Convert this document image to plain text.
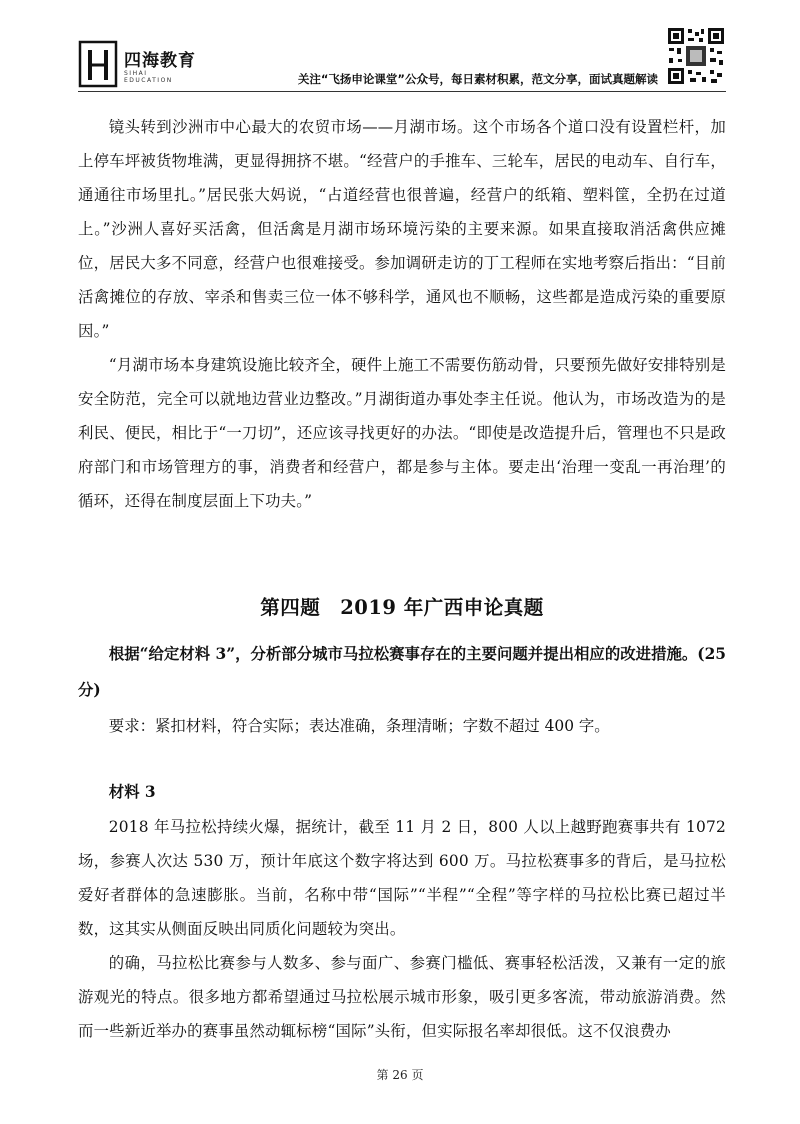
四海教育
SIHAI EDUCATION	关注“飞扬申论课堂”公众号，每日素材积累，范文分享，面试真题解读

镜头转到沙洲市中心最大的农贸市场——月湖市场。这个市场各个道口没有设置栏杆，加上停车坪被货物堆满，更显得拥挤不堪。“经营户的手推车、三轮车，居民的电动车、自行车，通通往市场里扎。”居民张大妈说，“占道经营也很普遍，经营户的纸箱、塑料筐，全扔在过道上。”沙洲人喜好买活禽，但活禽是月湖市场环境污染的主要来源。如果直接取消活禽供应摊位，居民大多不同意，经营户也很难接受。参加调研走访的丁工程师在实地考察后指出：“目前活禽摊位的存放、宰杀和售卖三位一体不够科学，通风也不顺畅，这些都是造成污染的重要原因。”

“月湖市场本身建筑设施比较齐全，硬件上施工不需要伤筋动骨，只要预先做好安排特别是安全防范，完全可以就地边营业边整改。”月湖街道办事处李主任说。他认为，市场改造为的是利民、便民，相比于“一刀切”，还应该寻找更好的办法。“即使是改造提升后，管理也不只是政府部门和市场管理方的事，消费者和经营户，都是参与主体。要走出‘治理一变乱一再治理’的循环，还得在制度层面上下功夫。”

第四题　2019 年广西申论真题

根据“给定材料 3”，分析部分城市马拉松赛事存在的主要问题并提出相应的改进措施。(25 分)

要求：紧扣材料，符合实际；表达准确，条理清晰；字数不超过 400 字。

材料 3

2018 年马拉松持续火爆，据统计，截至 11 月 2 日，800 人以上越野跑赛事共有 1072 场，参赛人次达 530 万，预计年底这个数字将达到 600 万。马拉松赛事多的背后，是马拉松爱好者群体的急速膨胀。当前，名称中带“国际”“半程”“全程”等字样的马拉松比赛已超过半数，这其实从侧面反映出同质化问题较为突出。

的确，马拉松比赛参与人数多、参与面广、参赛门槛低、赛事轻松活泼，又兼有一定的旅游观光的特点。很多地方都希望通过马拉松展示城市形象，吸引更多客流，带动旅游消费。然而一些新近举办的赛事虽然动辄标榜“国际”头衔，但实际报名率却很低。这不仅浪费办

第 26 页
